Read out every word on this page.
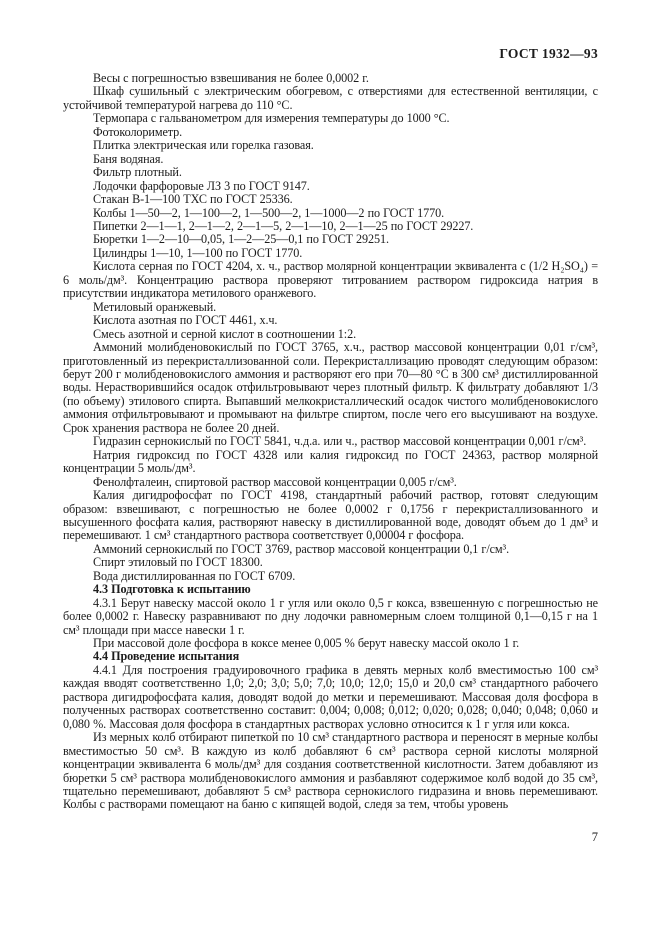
ГОСТ 1932—93

Весы с погрешностью взвешивания не более 0,0002 г.

Шкаф сушильный с электрическим обогревом, с отверстиями для естественной вентиляции, с устойчивой температурой нагрева до 110 °С.

Термопара с гальванометром для измерения температуры до 1000 °С.

Фотоколориметр.

Плитка электрическая или горелка газовая.

Баня водяная.

Фильтр плотный.

Лодочки фарфоровые ЛЗ 3 по ГОСТ 9147.

Стакан В-1—100 ТХС по ГОСТ 25336.

Колбы 1—50—2, 1—100—2, 1—500—2, 1—1000—2 по ГОСТ 1770.

Пипетки 2—1—1, 2—1—2, 2—1—5, 2—1—10, 2—1—25 по ГОСТ 29227.

Бюретки 1—2—10—0,05, 1—2—25—0,1 по ГОСТ 29251.

Цилиндры 1—10, 1—100 по ГОСТ 1770.

Кислота серная по ГОСТ 4204, х. ч., раствор молярной концентрации эквивалента с (1/2 H₂SO₄) = 6 моль/дм³. Концентрацию раствора проверяют титрованием раствором гидроксида натрия в присутствии индикатора метилового оранжевого.

Метиловый оранжевый.

Кислота азотная по ГОСТ 4461, х.ч.

Смесь азотной и серной кислот в соотношении 1:2.

Аммоний молибденовокислый по ГОСТ 3765, х.ч., раствор массовой концентрации 0,01 г/см³, приготовленный из перекристаллизованной соли. Перекристаллизацию проводят следующим образом: берут 200 г молибденовокислого аммония и растворяют его при 70—80 °С в 300 см³ дистиллированной воды. Нерастворившийся осадок отфильтровывают через плотный фильтр. К фильтрату добавляют 1/3 (по объему) этилового спирта. Выпавший мелкокристаллический осадок чистого молибденовокислого аммония отфильтровывают и промывают на фильтре спиртом, после чего его высушивают на воздухе. Срок хранения раствора не более 20 дней.

Гидразин сернокислый по ГОСТ 5841, ч.д.а. или ч., раствор массовой концентрации 0,001 г/см³.

Натрия гидроксид по ГОСТ 4328 или калия гидроксид по ГОСТ 24363, раствор молярной концентрации 5 моль/дм³.

Фенолфталеин, спиртовой раствор массовой концентрации 0,005 г/см³.

Калия дигидрофосфат по ГОСТ 4198, стандартный рабочий раствор, готовят следующим образом: взвешивают, с погрешностью не более 0,0002 г 0,1756 г перекристаллизованного и высушенного фосфата калия, растворяют навеску в дистиллированной воде, доводят объем до 1 дм³ и перемешивают. 1 см³ стандартного раствора соответствует 0,00004 г фосфора.

Аммоний сернокислый по ГОСТ 3769, раствор массовой концентрации 0,1 г/см³.

Спирт этиловый по ГОСТ 18300.

Вода дистиллированная по ГОСТ 6709.

4.3 Подготовка к испытанию

4.3.1 Берут навеску массой около 1 г угля или около 0,5 г кокса, взвешенную с погрешностью не более 0,0002 г. Навеску разравнивают по дну лодочки равномерным слоем толщиной 0,1—0,15 г на 1 см³ площади при массе навески 1 г.

При массовой доле фосфора в коксе менее 0,005 % берут навеску массой около 1 г.

4.4 Проведение испытания

4.4.1 Для построения градуировочного графика в девять мерных колб вместимостью 100 см³ каждая вводят соответственно 1,0; 2,0; 3,0; 5,0; 7,0; 10,0; 12,0; 15,0 и 20,0 см³ стандартного рабочего раствора дигидрофосфата калия, доводят водой до метки и перемешивают. Массовая доля фосфора в полученных растворах соответственно составит: 0,004; 0,008; 0,012; 0,020; 0,028; 0,040; 0,048; 0,060 и 0,080 %. Массовая доля фосфора в стандартных растворах условно относится к 1 г угля или кокса.

Из мерных колб отбирают пипеткой по 10 см³ стандартного раствора и переносят в мерные колбы вместимостью 50 см³. В каждую из колб добавляют 6 см³ раствора серной кислоты молярной концентрации эквивалента 6 моль/дм³ для создания соответственной кислотности. Затем добавляют из бюретки 5 см³ раствора молибденовокислого аммония и разбавляют содержимое колб водой до 35 см³, тщательно перемешивают, добавляют 5 см³ раствора сернокислого гидразина и вновь перемешивают. Колбы с растворами помещают на баню с кипящей водой, следя за тем, чтобы уровень

7
